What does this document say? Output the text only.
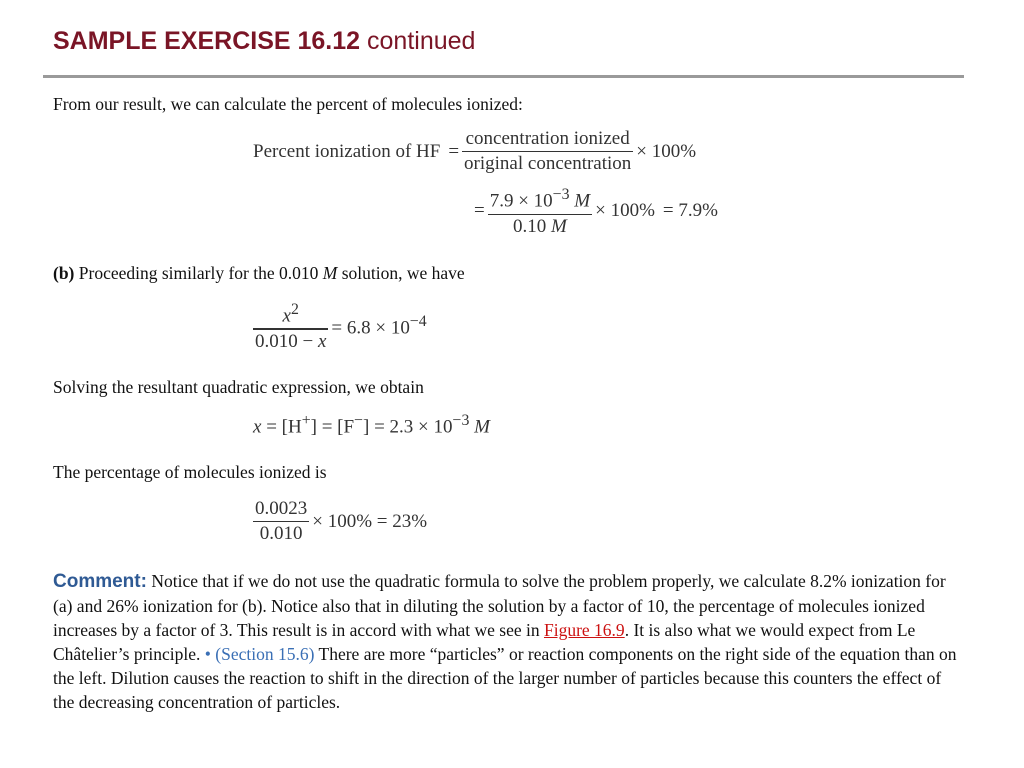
SAMPLE EXERCISE 16.12 continued
From our result, we can calculate the percent of molecules ionized:
Percent ionization of HF = $\frac{\text{concentration ionized}}{\text{original concentration}} \times 100\%$
= $\frac{7.9 \times 10^{-3} M}{0.10 M} \times 100\% = 7.9\%$
(b) Proceeding similarly for the 0.010 M solution, we have
$\frac{x^2}{0.010 - x} = 6.8 \times 10^{-4}$
Solving the resultant quadratic expression, we obtain
$x = [H^+] = [F^-] = 2.3 \times 10^{-3}$ M
The percentage of molecules ionized is
$\frac{0.0023}{0.010} \times 100\% = 23\%$
Comment: Notice that if we do not use the quadratic formula to solve the problem properly, we calculate 8.2% ionization for (a) and 26% ionization for (b). Notice also that in diluting the solution by a factor of 10, the percentage of molecules ionized increases by a factor of 3. This result is in accord with what we see in Figure 16.9. It is also what we would expect from Le Châtelier’s principle. • (Section 15.6) There are more “particles” or reaction components on the right side of the equation than on the left. Dilution causes the reaction to shift in the direction of the larger number of particles because this counters the effect of the decreasing concentration of particles.
